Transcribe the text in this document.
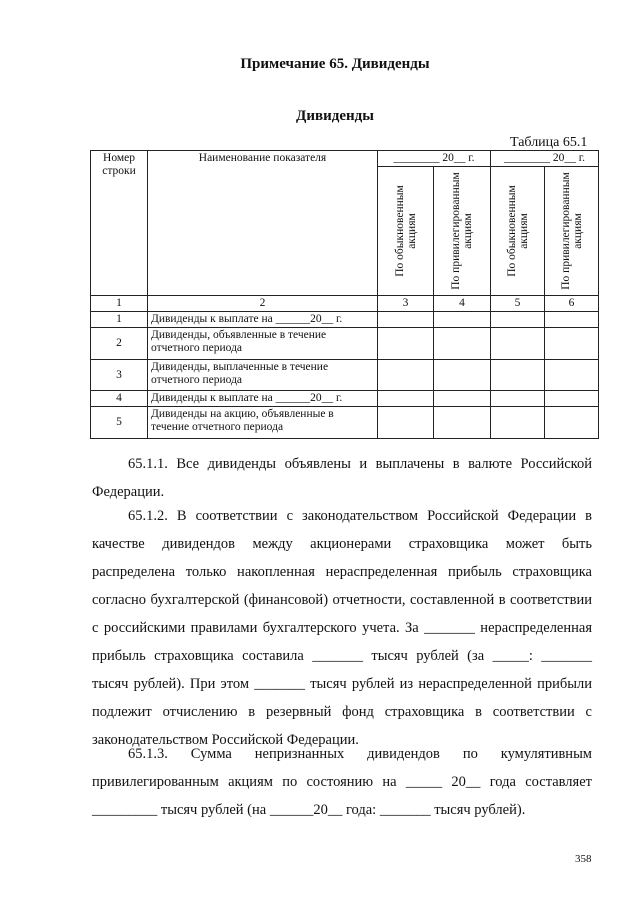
Примечание 65. Дивиденды
Дивиденды
Таблица 65.1
Номер строки	Наименование показателя	________ 20__ г.		________ 20__ г.	

		По обыкновенным акциям	По привилегированным акциям	По обыкновенным акциям	По привилегированным акциям

1	2	3	4	5	6
1	Дивиденды к выплате на ______20__ г.				
2	Дивиденды, объявленные в течение отчетного периода				
3	Дивиденды, выплаченные в течение отчетного периода				
4	Дивиденды к выплате на ______20__ г.				
5	Дивиденды на акцию, объявленные в течение отчетного периода				
65.1.1. Все дивиденды объявлены и выплачены в валюте Российской Федерации.
65.1.2. В соответствии с законодательством Российской Федерации в качестве дивидендов между акционерами страховщика может быть распределена только накопленная нераспределенная прибыль страховщика согласно бухгалтерской (финансовой) отчетности, составленной в соответствии с российскими правилами бухгалтерского учета. За _______ нераспределенная прибыль страховщика составила _______ тысяч рублей (за _____: _______ тысяч рублей). При этом _______ тысяч рублей из нераспределенной прибыли подлежит отчислению в резервный фонд страховщика в соответствии с законодательством Российской Федерации.
65.1.3. Сумма непризнанных дивидендов по кумулятивным привилегированным акциям по состоянию на _____ 20__ года составляет _________ тысяч рублей (на ______20__ года: _______ тысяч рублей).
358
